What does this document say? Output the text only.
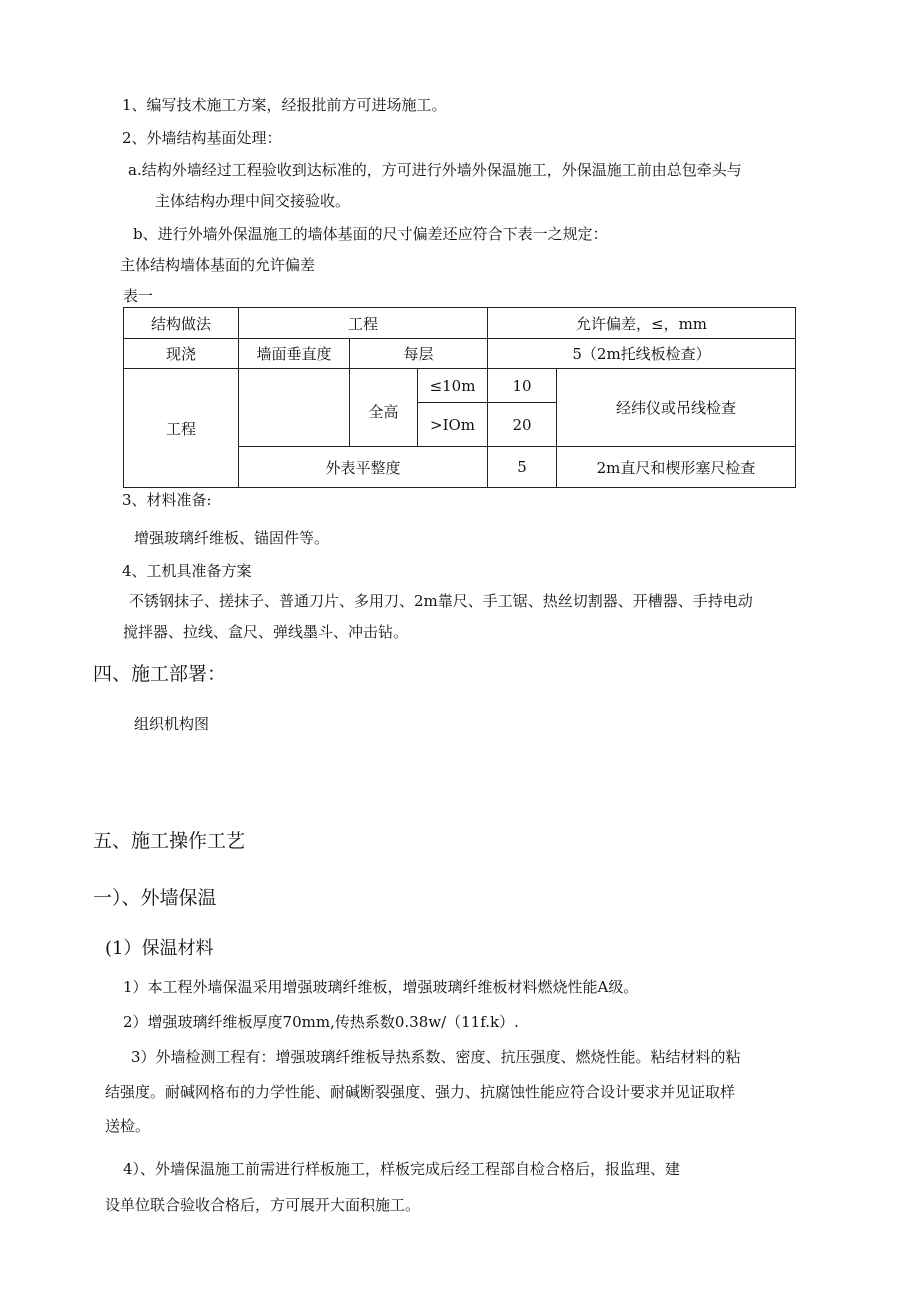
1、编写技术施工方案，经报批前方可进场施工。
2、外墙结构基面处理：
a.结构外墙经过工程验收到达标准的，方可进行外墙外保温施工，外保温施工前由总包牵头与
主体结构办理中间交接验收。
b、进行外墙外保温施工的墙体基面的尺寸偏差还应符合下表一之规定：
主体结构墙体基面的允许偏差
表一
结构做法	工程			允许偏差，≤，mm	
现浇	墙面垂直度	每层		5（2m托线板检查）	
工程		全高	≤10m	10	经纬仪或吊线检查
			>IOm	20	
	外表平整度			5	2m直尺和楔形塞尺检查
3、材料准备:
增强玻璃纤维板、锚固件等。
4、工机具准备方案
不锈钢抹子、搓抹子、普通刀片、多用刀、2m靠尺、手工锯、热丝切割器、开槽器、手持电动
搅拌器、拉线、盒尺、弹线墨斗、冲击钻。
四、施工部署：
组织机构图
五、施工操作工艺
一）、外墙保温
(1）保温材料
1）本工程外墙保温采用增强玻璃纤维板，增强玻璃纤维板材料燃烧性能A级。
2）增强玻璃纤维板厚度70mm,传热系数0.38w/（11f.k）.
3）外墙检测工程有：增强玻璃纤维板导热系数、密度、抗压强度、燃烧性能。粘结材料的粘
结强度。耐碱网格布的力学性能、耐碱断裂强度、强力、抗腐蚀性能应符合设计要求并见证取样
送检。
4）、外墙保温施工前需进行样板施工，样板完成后经工程部自检合格后，报监理、建
设单位联合验收合格后，方可展开大面积施工。
